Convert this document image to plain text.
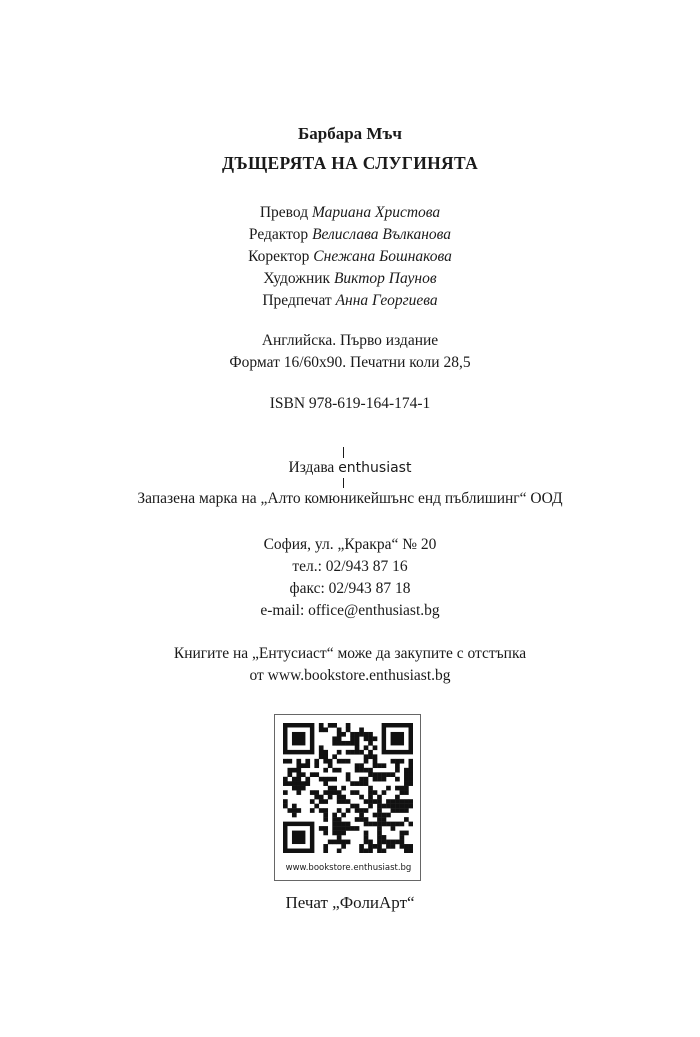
Барбара Мъч
ДЪЩЕРЯТА НА СЛУГИНЯТА
Превод Мариана Христова
Редактор Велислава Вълканова
Коректор Снежана Бошнакова
Художник Виктор Паунов
Предпечат Анна Георгиева
Английска. Първо издание
Формат 16/60x90. Печатни коли 28,5
ISBN 978-619-164-174-1
Издава enthusiast
Запазена марка на „Алто комюникейшънс енд пъблишинг“ ООД
София, ул. „Кракра“ № 20
тел.: 02/943 87 16
факс: 02/943 87 18
e-mail: office@enthusiast.bg
Книгите на „Ентусиаст“ може да закупите с отстъпка
от www.bookstore.enthusiast.bg
www.bookstore.enthusiast.bg
Печат „ФолиАрт“
